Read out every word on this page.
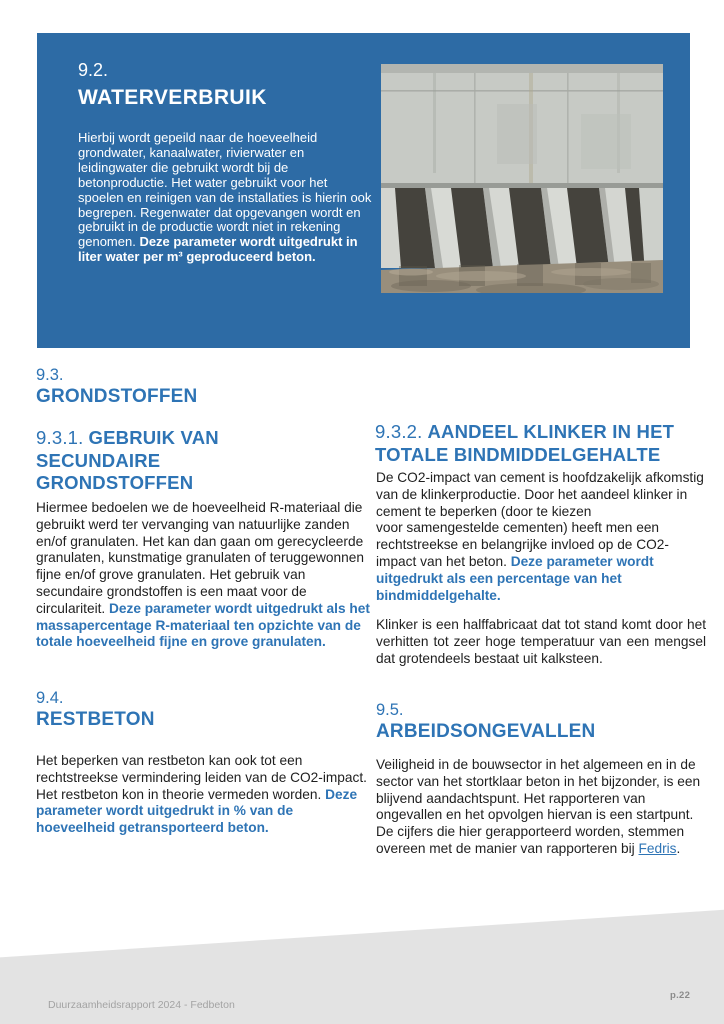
9.2.
WATERVERBRUIK
Hierbij wordt gepeild naar de hoeveelheid grondwater, kanaalwater, rivierwater en leidingwater die gebruikt wordt bij de betonproductie. Het water gebruikt voor het spoelen en reinigen van de installaties is hierin ook begrepen. Regenwater dat opgevangen wordt en gebruikt in de productie wordt niet in rekening genomen. Deze parameter wordt uitgedrukt in liter water per m³ geproduceerd beton.
9.3.
GRONDSTOFFEN
9.3.1. GEBRUIK VAN SECUNDAIRE GRONDSTOFFEN

Hiermee bedoelen we de hoeveelheid R-materiaal die gebruikt werd ter vervanging van natuurlijke zanden en/of granulaten. Het kan dan gaan om gerecycleerde granulaten, kunstmatige granulaten of teruggewonnen fijne en/of grove granulaten. Het gebruik van secundaire grondstoffen is een maat voor de circulariteit. Deze parameter wordt uitgedrukt als het massapercentage R-materiaal ten opzichte van de totale hoeveelheid fijne en grove granulaten.

9.3.2. AANDEEL KLINKER IN HET TOTALE BINDMIDDELGEHALTE

De CO2-impact van cement is hoofdzakelijk afkomstig van de klinkerproductie. Door het aandeel klinker in cement te beperken (door te kiezen
voor samengestelde cementen) heeft men een rechtstreekse en belangrijke invloed op de CO2-impact van het beton. Deze parameter wordt uitgedrukt als een percentage van het bindmiddelgehalte.

Klinker is een halffabricaat dat tot stand komt door het verhitten tot zeer hoge temperatuur van een mengsel dat grotendeels bestaat uit kalksteen.

9.4.
RESTBETON

Het beperken van restbeton kan ook tot een rechtstreekse vermindering leiden van de CO2-impact. Het restbeton kon in theorie vermeden worden. Deze parameter wordt uitgedrukt in % van de hoeveelheid getransporteerd beton.

9.5.
ARBEIDSONGEVALLEN

Veiligheid in de bouwsector in het algemeen en in de sector van het stortklaar beton in het bijzonder, is een blijvend aandachtspunt. Het rapporteren van ongevallen en het opvolgen hiervan is een startpunt. De cijfers die hier gerapporteerd worden, stemmen overeen met de manier van rapporteren bij Fedris.

Duurzaamheidsrapport 2024 - Fedbeton
p.22
